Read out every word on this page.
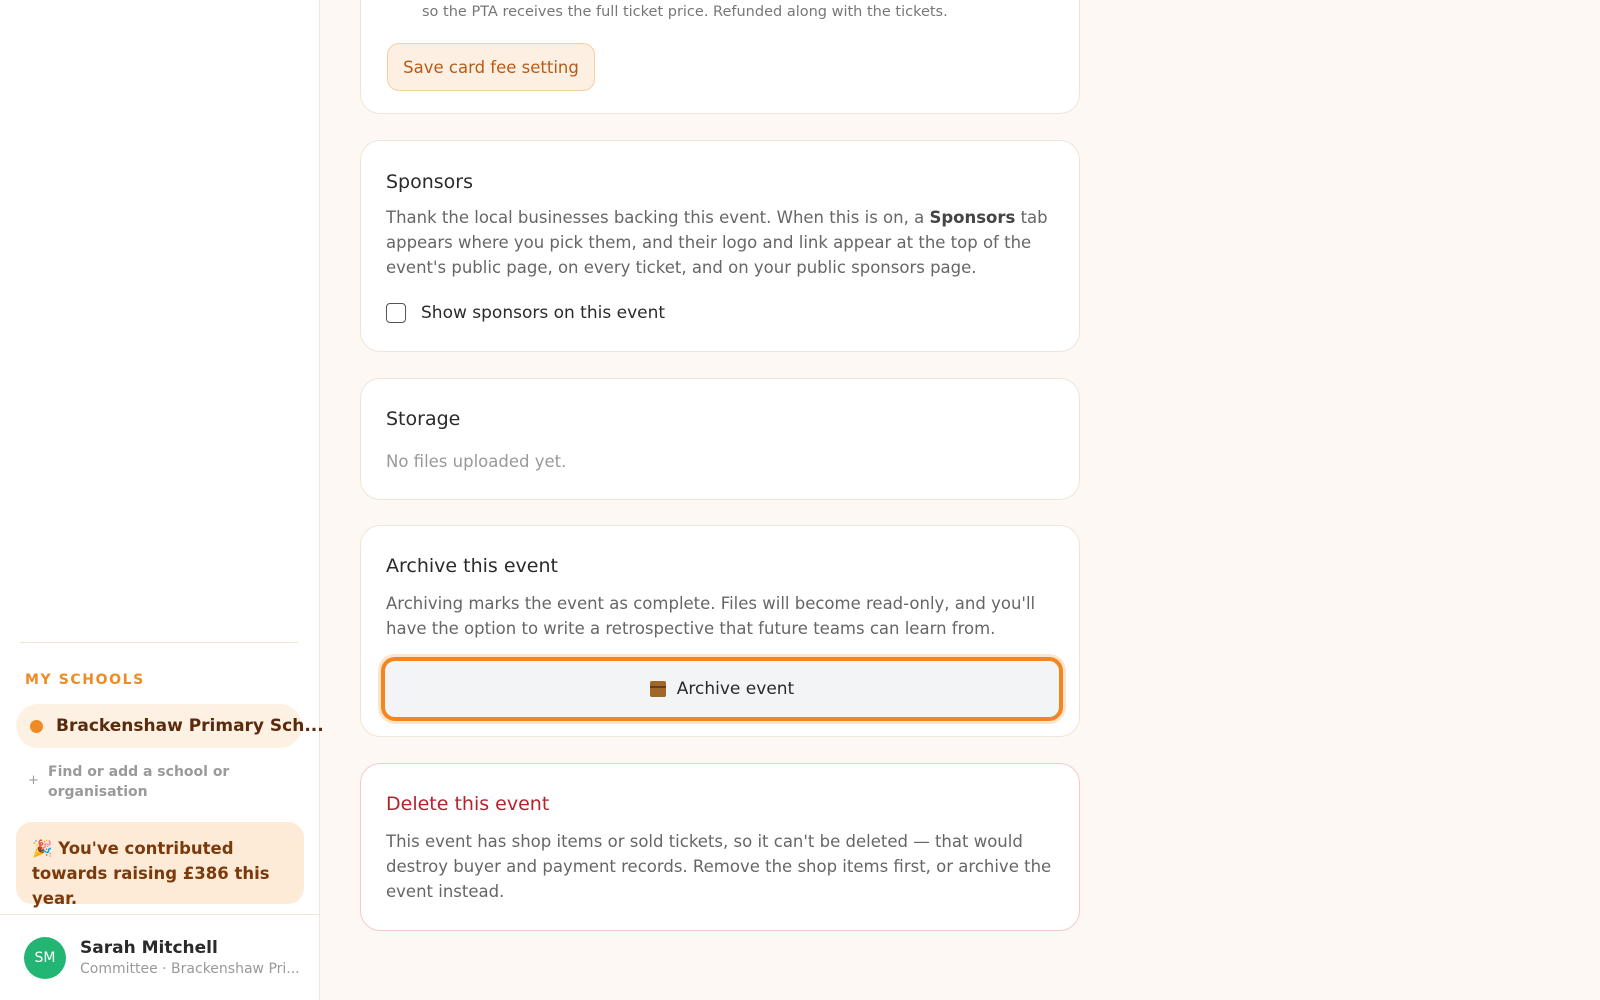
MY SCHOOLS
Brackenshaw Primary Sch...
+
Find or add a school or organisation
🎉 You've contributed towards raising £386 this year.
SM	Sarah Mitchell
Committee · Brackenshaw Pri...
so the PTA receives the full ticket price. Refunded along with the tickets.
Save card fee setting
Sponsors
Thank the local businesses backing this event. When this is on, a Sponsors tab appears where you pick them, and their logo and link appear at the top of the event's public page, on every ticket, and on your public sponsors page.
Show sponsors on this event
Storage
No files uploaded yet.
Archive this event
Archiving marks the event as complete. Files will become read-only, and you'll have the option to write a retrospective that future teams can learn from.
Archive event
Delete this event
This event has shop items or sold tickets, so it can't be deleted — that would destroy buyer and payment records. Remove the shop items first, or archive the event instead.
